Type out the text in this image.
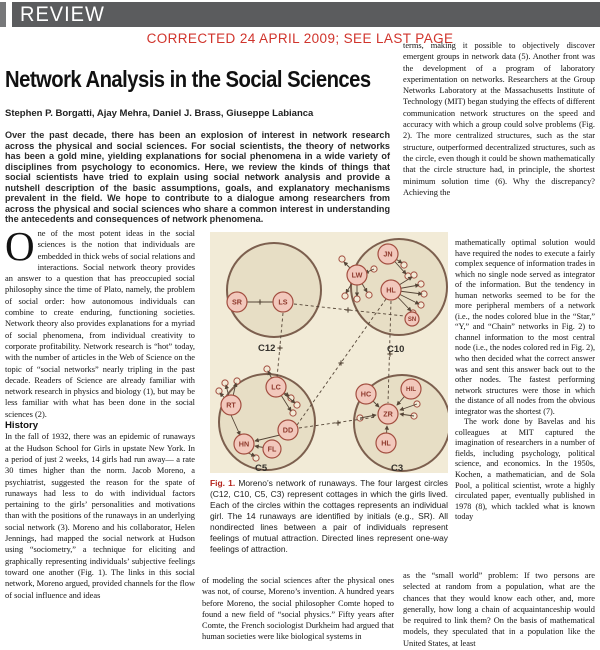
REVIEW
CORRECTED 24 APRIL 2009; SEE LAST PAGE
Network Analysis in the Social Sciences
Stephen P. Borgatti, Ajay Mehra, Daniel J. Brass, Giuseppe Labianca
Over the past decade, there has been an explosion of interest in network research across the physical and social sciences. For social scientists, the theory of networks has been a gold mine, yielding explanations for social phenomena in a wide variety of disciplines from psychology to economics. Here, we review the kinds of things that social scientists have tried to explain using social network analysis and provide a nutshell description of the basic assumptions, goals, and explanatory mechanisms prevalent in the field. We hope to contribute to a dialogue among researchers from across the physical and social sciences who share a common interest in understanding the antecedents and consequences of network phenomena.

One of the most potent ideas in the social sciences is the notion that individuals are embedded in thick webs of social relations and interactions. Social network theory provides an answer to a question that has preoccupied social philosophy since the time of Plato, namely, the problem of social order: how autonomous individuals can combine to create enduring, functioning societies. Network theory also provides explanations for a myriad of social phenomena, from individual creativity to corporate profitability. Network research is “hot” today, with the number of articles in the Web of Science on the topic of “social networks” nearly tripling in the past decade. Readers of Science are already familiar with network research in physics and biology (1), but may be less familiar with what has been done in the social sciences (2).

History

In the fall of 1932, there was an epidemic of runaways at the Hudson School for Girls in upstate New York. In a period of just 2 weeks, 14 girls had run away— a rate 30 times higher than the norm. Jacob Moreno, a psychiatrist, suggested the reason for the spate of runaways had less to do with individual factors pertaining to the girls’ personalities and motivations than with the positions of the runaways in an underlying social network (3). Moreno and his collaborator, Helen Jennings, had mapped the social network at Hudson using “sociometry,” a technique for eliciting and graphically representing individuals’ subjective feelings toward one another (Fig. 1). The links in this social network, Moreno argued, provided channels for the flow of social influence and ideas

C12	C10
C5	C3
SR	LS
LW
JN
HL
SN
RT
LC
DD
HN
FL
HC	HIL
ZR
HL
Fig. 1. Moreno’s network of runaways. The four largest circles (C12, C10, C5, C3) represent cottages in which the girls lived. Each of the circles within the cottages represents an individual girl. The 14 runaways are identified by initials (e.g., SR). All nondirected lines between a pair of individuals represent feelings of mutual attraction. Directed lines represent one-way feelings of attraction.

of modeling the social sciences after the physical ones was not, of course, Moreno’s invention. A hundred years before Moreno, the social philosopher Comte hoped to found a new field of “social physics.” Fifty years after Comte, the French sociologist Durkheim had argued that human societies were like biological systems in

terms, making it possible to objectively discover emergent groups in network data (5). Another front was the development of a program of laboratory experimentation on networks. Researchers at the Group Networks Laboratory at the Massachusetts Institute of Technology (MIT) began studying the effects of different communication network structures on the speed and accuracy with which a group could solve problems (Fig. 2). The more centralized structures, such as the star structure, outperformed decentralized structures, such as the circle, even though it could be shown mathematically that the circle structure had, in principle, the shortest minimum solution time (6). Why the discrepancy? Achieving the

mathematically optimal solution would have required the nodes to execute a fairly complex sequence of information trades in which no single node served as integrator of the information. But the tendency in human networks seemed to be for the more peripheral members of a network (i.e., the nodes colored blue in the “Star,” “Y,” and “Chain” networks in Fig. 2) to channel information to the most central node (i.e., the nodes colored red in Fig. 2), who then decided what the correct answer was and sent this answer back out to the other nodes. The fastest performing network structures were those in which the distance of all nodes from the obvious integrator was the shortest (7).

The work done by Bavelas and his colleagues at MIT captured the imagination of researchers in a number of fields, including psychology, political science, and economics. In the 1950s, Kochen, a mathematician, and de Sola Pool, a political scientist, wrote a highly circulated paper, eventually published in 1978 (8), which tackled what is known today

as the “small world” problem: If two persons are selected at random from a population, what are the chances that they would know each other, and, more generally, how long a chain of acquaintanceship would be required to link them? On the basis of mathematical models, they speculated that in a population like the United States, at least
